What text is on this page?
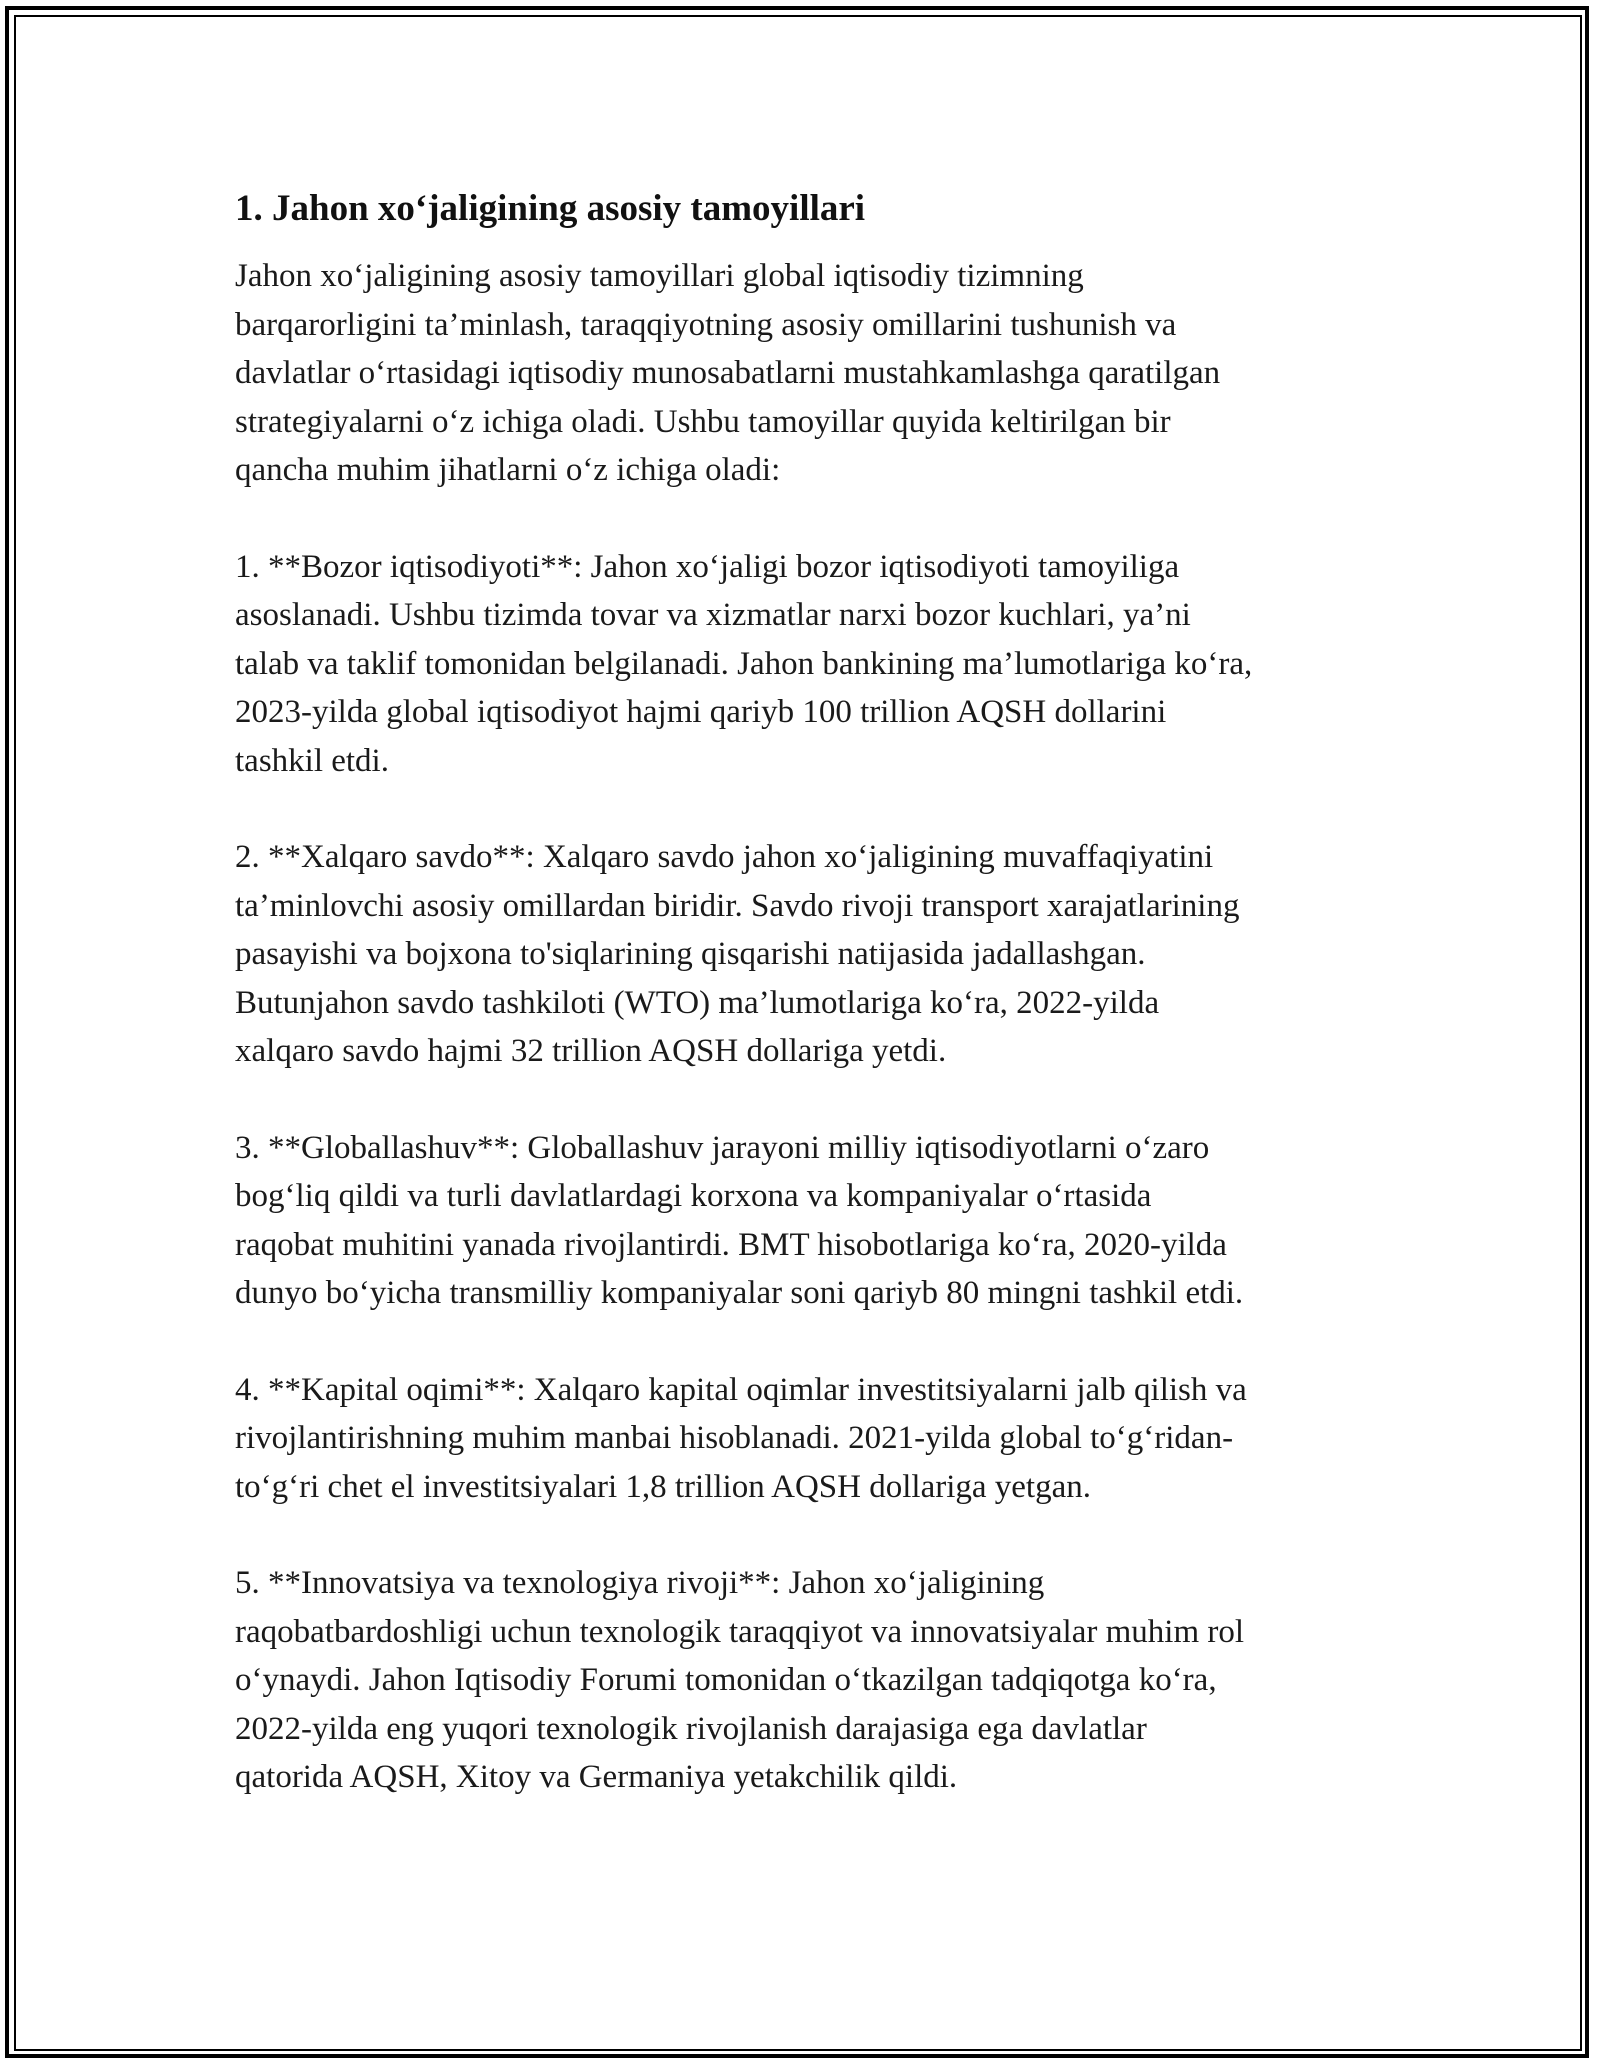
1. Jahon xo‘jaligining asosiy tamoyillari

Jahon xo‘jaligining asosiy tamoyillari global iqtisodiy tizimning
barqarorligini ta’minlash, taraqqiyotning asosiy omillarini tushunish va
davlatlar o‘rtasidagi iqtisodiy munosabatlarni mustahkamlashga qaratilgan
strategiyalarni o‘z ichiga oladi. Ushbu tamoyillar quyida keltirilgan bir
qancha muhim jihatlarni o‘z ichiga oladi:

1. **Bozor iqtisodiyoti**: Jahon xo‘jaligi bozor iqtisodiyoti tamoyiliga
asoslanadi. Ushbu tizimda tovar va xizmatlar narxi bozor kuchlari, ya’ni
talab va taklif tomonidan belgilanadi. Jahon bankining ma’lumotlariga ko‘ra,
2023-yilda global iqtisodiyot hajmi qariyb 100 trillion AQSH dollarini
tashkil etdi.

2. **Xalqaro savdo**: Xalqaro savdo jahon xo‘jaligining muvaffaqiyatini
ta’minlovchi asosiy omillardan biridir. Savdo rivoji transport xarajatlarining
pasayishi va bojxona to'siqlarining qisqarishi natijasida jadallashgan.
Butunjahon savdo tashkiloti (WTO) ma’lumotlariga ko‘ra, 2022-yilda
xalqaro savdo hajmi 32 trillion AQSH dollariga yetdi.

3. **Globallashuv**: Globallashuv jarayoni milliy iqtisodiyotlarni o‘zaro
bog‘liq qildi va turli davlatlardagi korxona va kompaniyalar o‘rtasida
raqobat muhitini yanada rivojlantirdi. BMT hisobotlariga ko‘ra, 2020-yilda
dunyo bo‘yicha transmilliy kompaniyalar soni qariyb 80 mingni tashkil etdi.

4. **Kapital oqimi**: Xalqaro kapital oqimlar investitsiyalarni jalb qilish va
rivojlantirishning muhim manbai hisoblanadi. 2021-yilda global to‘g‘ridan-
to‘g‘ri chet el investitsiyalari 1,8 trillion AQSH dollariga yetgan.

5. **Innovatsiya va texnologiya rivoji**: Jahon xo‘jaligining
raqobatbardoshligi uchun texnologik taraqqiyot va innovatsiyalar muhim rol
o‘ynaydi. Jahon Iqtisodiy Forumi tomonidan o‘tkazilgan tadqiqotga ko‘ra,
2022-yilda eng yuqori texnologik rivojlanish darajasiga ega davlatlar
qatorida AQSH, Xitoy va Germaniya yetakchilik qildi.
